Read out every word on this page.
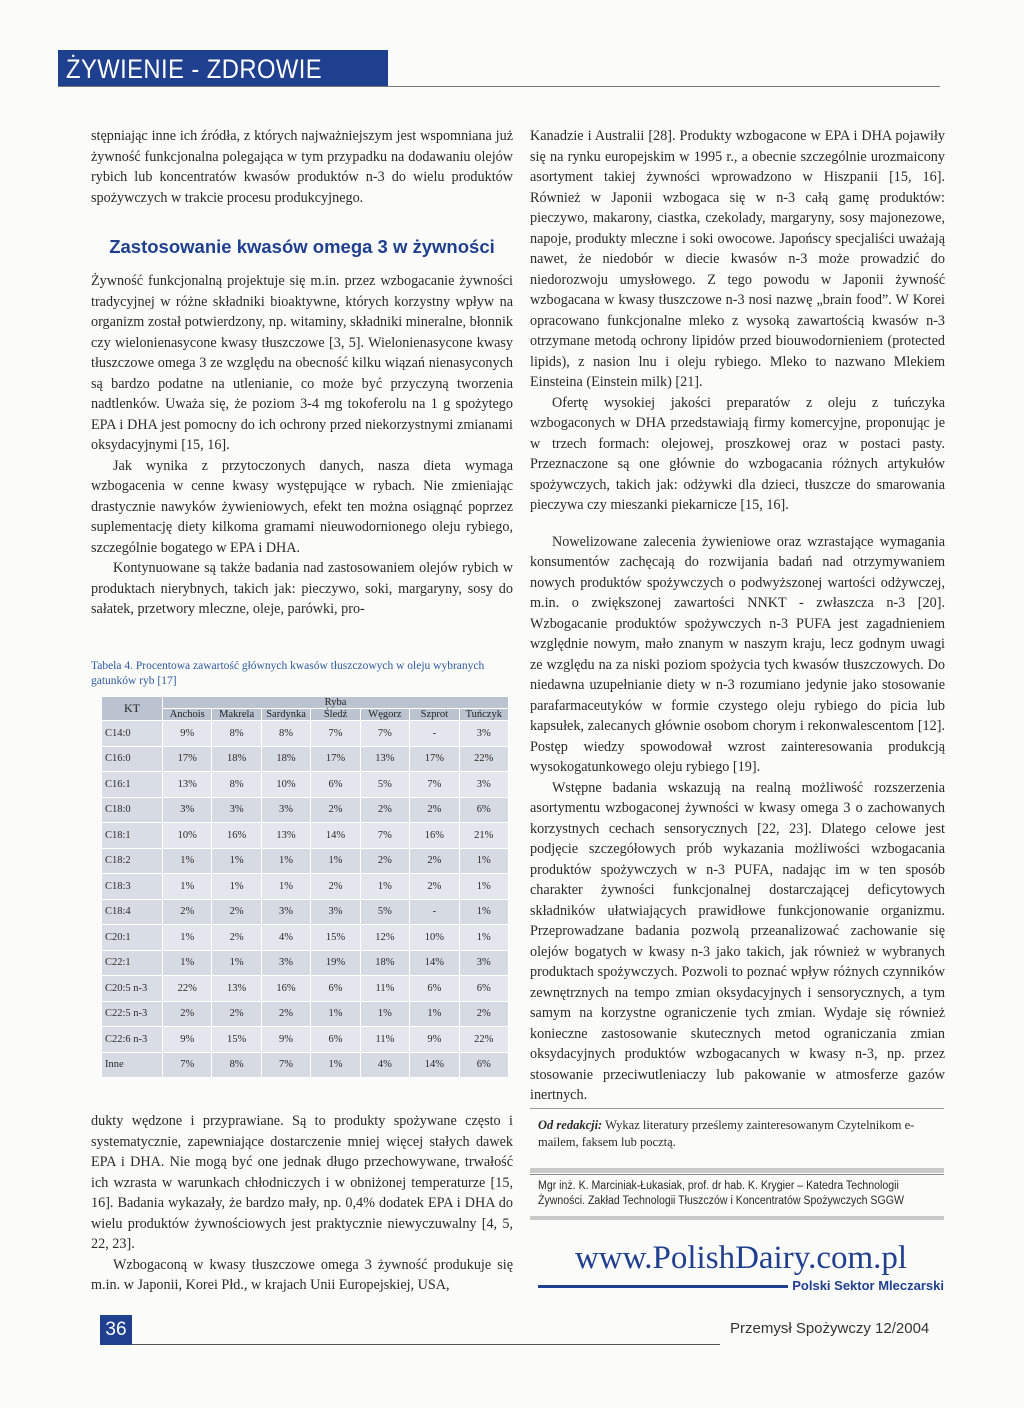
ŻYWIENIE - ZDROWIE

stępniając inne ich źródła, z których najważniejszym jest wspomniana już żywność funkcjonalna polegająca w tym przypadku na dodawaniu olejów rybich lub koncentratów kwasów produktów n-3 do wielu produktów spożywczych w trakcie procesu produkcyjnego.

Zastosowanie kwasów omega 3 w żywności

Żywność funkcjonalną projektuje się m.in. przez wzbogacanie żywności tradycyjnej w różne składniki bioaktywne, których korzystny wpływ na organizm został potwierdzony, np. witaminy, składniki mineralne, błonnik czy wielonienasycone kwasy tłuszczowe [3, 5]. Wielonienasycone kwasy tłuszczowe omega 3 ze względu na obecność kilku wiązań nienasyconych są bardzo podatne na utlenianie, co może być przyczyną tworzenia nadtlenków. Uważa się, że poziom 3-4 mg tokoferolu na 1 g spożytego EPA i DHA jest pomocny do ich ochrony przed niekorzystnymi zmianami oksydacyjnymi [15, 16].

Jak wynika z przytoczonych danych, nasza dieta wymaga wzbogacenia w cenne kwasy występujące w rybach. Nie zmieniając drastycznie nawyków żywieniowych, efekt ten można osiągnąć poprzez suplementację diety kilkoma gramami nieuwodornionego oleju rybiego, szczególnie bogatego w EPA i DHA.

Kontynuowane są także badania nad zastosowaniem olejów rybich w produktach nierybnych, takich jak: pieczywo, soki, margaryny, sosy do sałatek, przetwory mleczne, oleje, parówki, pro-

Tabela 4. Procentowa zawartość głównych kwasów tłuszczowych w oleju wybranych gatunków ryb [17]
KT	Ryba						
	Anchois	Makrela	Sardynka	Śledź	Węgorz	Szprot	Tuńczyk
C14:0	9%	8%	8%	7%	7%	-	3%
C16:0	17%	18%	18%	17%	13%	17%	22%
C16:1	13%	8%	10%	6%	5%	7%	3%
C18:0	3%	3%	3%	2%	2%	2%	6%
C18:1	10%	16%	13%	14%	7%	16%	21%
C18:2	1%	1%	1%	1%	2%	2%	1%
C18:3	1%	1%	1%	2%	1%	2%	1%
C18:4	2%	2%	3%	3%	5%	-	1%
C20:1	1%	2%	4%	15%	12%	10%	1%
C22:1	1%	1%	3%	19%	18%	14%	3%
C20:5 n-3	22%	13%	16%	6%	11%	6%	6%
C22:5 n-3	2%	2%	2%	1%	1%	1%	2%
C22:6 n-3	9%	15%	9%	6%	11%	9%	22%
Inne	7%	8%	7%	1%	4%	14%	6%

dukty wędzone i przyprawiane. Są to produkty spożywane często i systematycznie, zapewniające dostarczenie mniej więcej stałych dawek EPA i DHA. Nie mogą być one jednak długo przechowywane, trwałość ich wzrasta w warunkach chłodniczych i w obniżonej temperaturze [15, 16]. Badania wykazały, że bardzo mały, np. 0,4% dodatek EPA i DHA do wielu produktów żywnościowych jest praktycznie niewyczuwalny [4, 5, 22, 23].

Wzbogaconą w kwasy tłuszczowe omega 3 żywność produkuje się m.in. w Japonii, Korei Płd., w krajach Unii Europejskiej, USA,

Kanadzie i Australii [28]. Produkty wzbogacone w EPA i DHA pojawiły się na rynku europejskim w 1995 r., a obecnie szczególnie urozmaicony asortyment takiej żywności wprowadzono w Hiszpanii [15, 16]. Również w Japonii wzbogaca się w n-3 całą gamę produktów: pieczywo, makarony, ciastka, czekolady, margaryny, sosy majonezowe, napoje, produkty mleczne i soki owocowe. Japońscy specjaliści uważają nawet, że niedobór w diecie kwasów n-3 może prowadzić do niedorozwoju umysłowego. Z tego powodu w Japonii żywność wzbogacana w kwasy tłuszczowe n-3 nosi nazwę „brain food”. W Korei opracowano funkcjonalne mleko z wysoką zawartością kwasów n-3 otrzymane metodą ochrony lipidów przed biouwodornieniem (protected lipids), z nasion lnu i oleju rybiego. Mleko to nazwano Mlekiem Einsteina (Einstein milk) [21].

Ofertę wysokiej jakości preparatów z oleju z tuńczyka wzbogaconych w DHA przedstawiają firmy komercyjne, proponując je w trzech formach: olejowej, proszkowej oraz w postaci pasty. Przeznaczone są one głównie do wzbogacania różnych artykułów spożywczych, takich jak: odżywki dla dzieci, tłuszcze do smarowania pieczywa czy mieszanki piekarnicze [15, 16].

Nowelizowane zalecenia żywieniowe oraz wzrastające wymagania konsumentów zachęcają do rozwijania badań nad otrzymywaniem nowych produktów spożywczych o podwyższonej wartości odżywczej, m.in. o zwiększonej zawartości NNKT - zwłaszcza n-3 [20]. Wzbogacanie produktów spożywczych n-3 PUFA jest zagadnieniem względnie nowym, mało znanym w naszym kraju, lecz godnym uwagi ze względu na za niski poziom spożycia tych kwasów tłuszczowych. Do niedawna uzupełnianie diety w n-3 rozumiano jedynie jako stosowanie parafarmaceutyków w formie czystego oleju rybiego do picia lub kapsułek, zalecanych głównie osobom chorym i rekonwalescentom [12]. Postęp wiedzy spowodował wzrost zainteresowania produkcją wysokogatunkowego oleju rybiego [19].

Wstępne badania wskazują na realną możliwość rozszerzenia asortymentu wzbogaconej żywności w kwasy omega 3 o zachowanych korzystnych cechach sensorycznych [22, 23]. Dlatego celowe jest podjęcie szczegółowych prób wykazania możliwości wzbogacania produktów spożywczych w n-3 PUFA, nadając im w ten sposób charakter żywności funkcjonalnej dostarczającej deficytowych składników ułatwiających prawidłowe funkcjonowanie organizmu. Przeprowadzane badania pozwolą przeanalizować zachowanie się olejów bogatych w kwasy n-3 jako takich, jak również w wybranych produktach spożywczych. Pozwoli to poznać wpływ różnych czynników zewnętrznych na tempo zmian oksydacyjnych i sensorycznych, a tym samym na korzystne ograniczenie tych zmian. Wydaje się również konieczne zastosowanie skutecznych metod ograniczania zmian oksydacyjnych produktów wzbogacanych w kwasy n-3, np. przez stosowanie przeciwutleniaczy lub pakowanie w atmosferze gazów inertnych.

Od redakcji: Wykaz literatury prześlemy zainteresowanym Czytelnikom e-mailem, faksem lub pocztą.
Mgr inż. K. Marciniak-Łukasiak, prof. dr hab. K. Krygier – Katedra Technologii Żywności. Zakład Technologii Tłuszczów i Koncentratów Spożywczych SGGW
www.PolishDairy.com.pl
Polski Sektor Mleczarski
36	Przemysł Spożywczy 12/2004
